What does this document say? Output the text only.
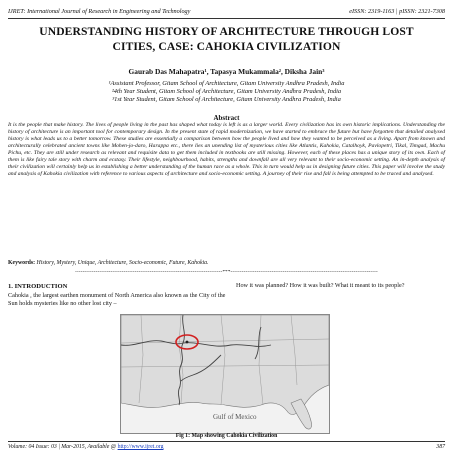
IJRET: International Journal of Research in Engineering and Technology	eISSN: 2319-1163 | pISSN: 2321-7308
UNDERSTANDING HISTORY OF ARCHITECTURE THROUGH LOST
CITIES, CASE: CAHOKIA CIVILIZATION
Gaurab Das Mahapatra¹, Tapasya Mukammala², Diksha Jain³
¹Assistant Professor, Gitam School of Architecture, Gitam University Andhra Pradesh, India
²4th Year Student, Gitam School of Architecture, Gitam University Andhra Pradesh, India
³1st Year Student, Gitam School of Architecture, Gitam University Andhra Pradesh, India
Abstract
It is the people that make history. The lives of people living in the past has shaped what today is left is as a larger world. Every civilization has its own historic implications. Understanding the history of architecture is an important tool for contemporary design. In the present state of rapid modernization, we have started to embrace the future but have forgotten that detailed analysed history is what leads us to a better tomorrow. These studies are essentially a comparison between how the people lived and how they wanted to be perceived as a living. Apart from known and architecturally celebrated ancient towns like Mohen-jo-daro, Harappa etc., there lies an unending list of mysterious cities like Atlantis, Kahokia, Catalhoyk, Pavlopetri, Tikal, Timgad, Machu Pichu, etc. They are still under research as relevant and requisite data to get them included in textbooks are still missing. However, each of these places has a unique story of its own. Each of them is like fairy tale story with charm and ecstasy. Their lifestyle, neighbourhood, habits, strengths and downfall are all very relevant to their socio-economic setting. An in-depth analysis of their civilization will certainly help us in establishing a better understanding of the human race as a whole. This in turn would help us in designing future cities. This paper will involve the study and analysis of Kahokia civilization with reference to various aspects of architecture and socio-economic setting. A journey of their rise and fall is being attempted to be traced and analysed.
Keywords: History, Mystery, Unique, Architecture, Socio-economic, Future, Kahokia.
-------------------------------------------------------------------------------***-------------------------------------------------------------------------------
1. INTRODUCTION
Cahokia , the largest earthen monument of North America also known as the City of the Sun holds mysteries like no other lost city –
How it was planned? How it was built? What it meant to its people?
Gulf of Mexico
Fig 1: Map showing Cahokia Civilization
Volume: 04 Issue: 03 | Mar-2015, Available @ http://www.ijret.org	387
